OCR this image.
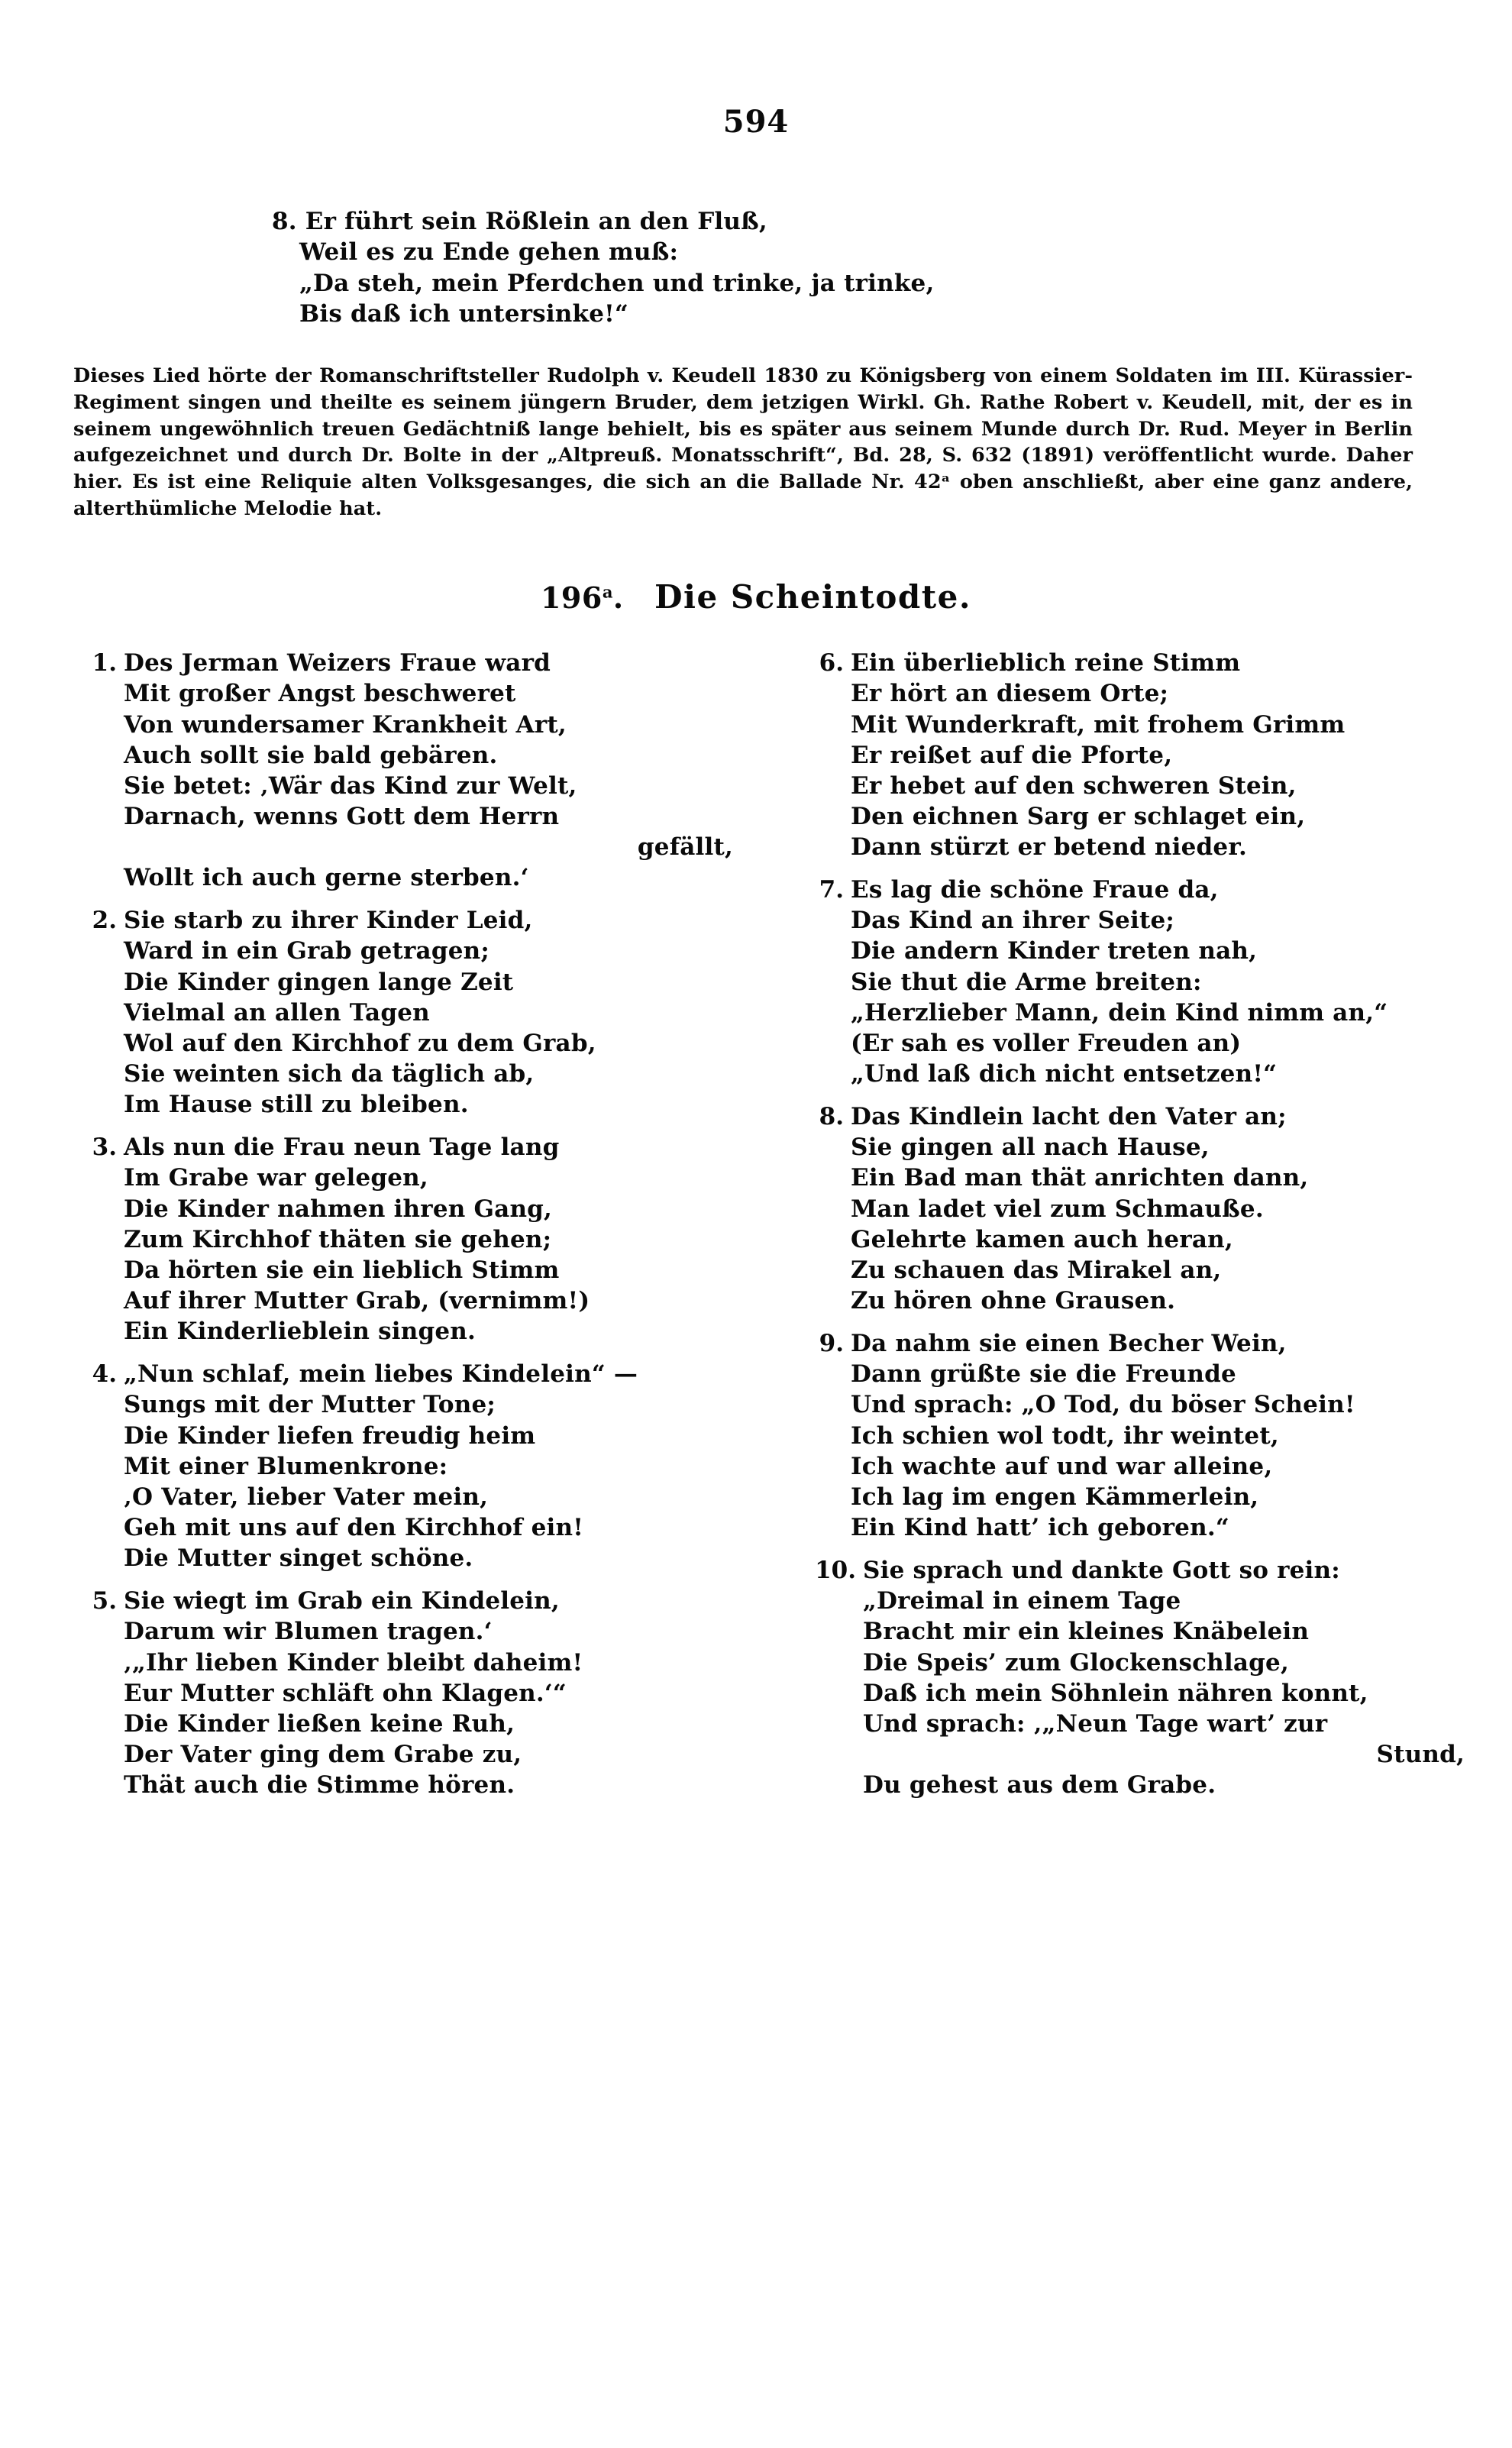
594
8. Er führt sein Rößlein an den Fluß,
Weil es zu Ende gehen muß:
„Da steh, mein Pferdchen und trinke, ja trinke,
Bis daß ich untersinke!“
Dieses Lied hörte der Romanschriftsteller Rudolph v. Keudell 1830 zu Königsberg von einem Soldaten im III. Kürassier-Regiment singen und theilte es seinem jüngern Bruder, dem jetzigen Wirkl. Gh. Rathe Robert v. Keudell, mit, der es in seinem ungewöhnlich treuen Gedächtniß lange behielt, bis es später aus seinem Munde durch Dr. Rud. Meyer in Berlin aufgezeichnet und durch Dr. Bolte in der „Altpreuß. Monatsschrift“, Bd. 28, S. 632 (1891) veröffentlicht wurde. Daher hier. Es ist eine Reliquie alten Volksgesanges, die sich an die Ballade Nr. 42ᵃ oben anschließt, aber eine ganz andere, alterthümliche Melodie hat.
196$^a$. Die Scheintodte.
1. Des Jerman Weizers Fraue ward
Mit großer Angst beschweret
Von wundersamer Krankheit Art,
Auch sollt sie bald gebären.
Sie betet: ‚Wär das Kind zur Welt,
Darnach, wenns Gott dem Herrn
gefällt,
Wollt ich auch gerne sterben.‘
2. Sie starb zu ihrer Kinder Leid,
Ward in ein Grab getragen;
Die Kinder gingen lange Zeit
Vielmal an allen Tagen
Wol auf den Kirchhof zu dem Grab,
Sie weinten sich da täglich ab,
Im Hause still zu bleiben.
3. Als nun die Frau neun Tage lang
Im Grabe war gelegen,
Die Kinder nahmen ihren Gang,
Zum Kirchhof thäten sie gehen;
Da hörten sie ein lieblich Stimm
Auf ihrer Mutter Grab, (vernimm!)
Ein Kinderlieblein singen.
4. „Nun schlaf, mein liebes Kindelein“ —
Sungs mit der Mutter Tone;
Die Kinder liefen freudig heim
Mit einer Blumenkrone:
‚O Vater, lieber Vater mein,
Geh mit uns auf den Kirchhof ein!
Die Mutter singet schöne.
5. Sie wiegt im Grab ein Kindelein,
Darum wir Blumen tragen.‘
‚„Ihr lieben Kinder bleibt daheim!
Eur Mutter schläft ohn Klagen.‘“
Die Kinder ließen keine Ruh,
Der Vater ging dem Grabe zu,
Thät auch die Stimme hören.
6. Ein überlieblich reine Stimm
Er hört an diesem Orte;
Mit Wunderkraft, mit frohem Grimm
Er reißet auf die Pforte,
Er hebet auf den schweren Stein,
Den eichnen Sarg er schlaget ein,
Dann stürzt er betend nieder.
7. Es lag die schöne Fraue da,
Das Kind an ihrer Seite;
Die andern Kinder treten nah,
Sie thut die Arme breiten:
„Herzlieber Mann, dein Kind nimm an,“
(Er sah es voller Freuden an)
„Und laß dich nicht entsetzen!“
8. Das Kindlein lacht den Vater an;
Sie gingen all nach Hause,
Ein Bad man thät anrichten dann,
Man ladet viel zum Schmauße.
Gelehrte kamen auch heran,
Zu schauen das Mirakel an,
Zu hören ohne Grausen.
9. Da nahm sie einen Becher Wein,
Dann grüßte sie die Freunde
Und sprach: „O Tod, du böser Schein!
Ich schien wol todt, ihr weintet,
Ich wachte auf und war alleine,
Ich lag im engen Kämmerlein,
Ein Kind hatt’ ich geboren.“
10. Sie sprach und dankte Gott so rein:
„Dreimal in einem Tage
Bracht mir ein kleines Knäbelein
Die Speis’ zum Glockenschlage,
Daß ich mein Söhnlein nähren konnt,
Und sprach: ‚„Neun Tage wart’ zur
Stund,
Du gehest aus dem Grabe.
